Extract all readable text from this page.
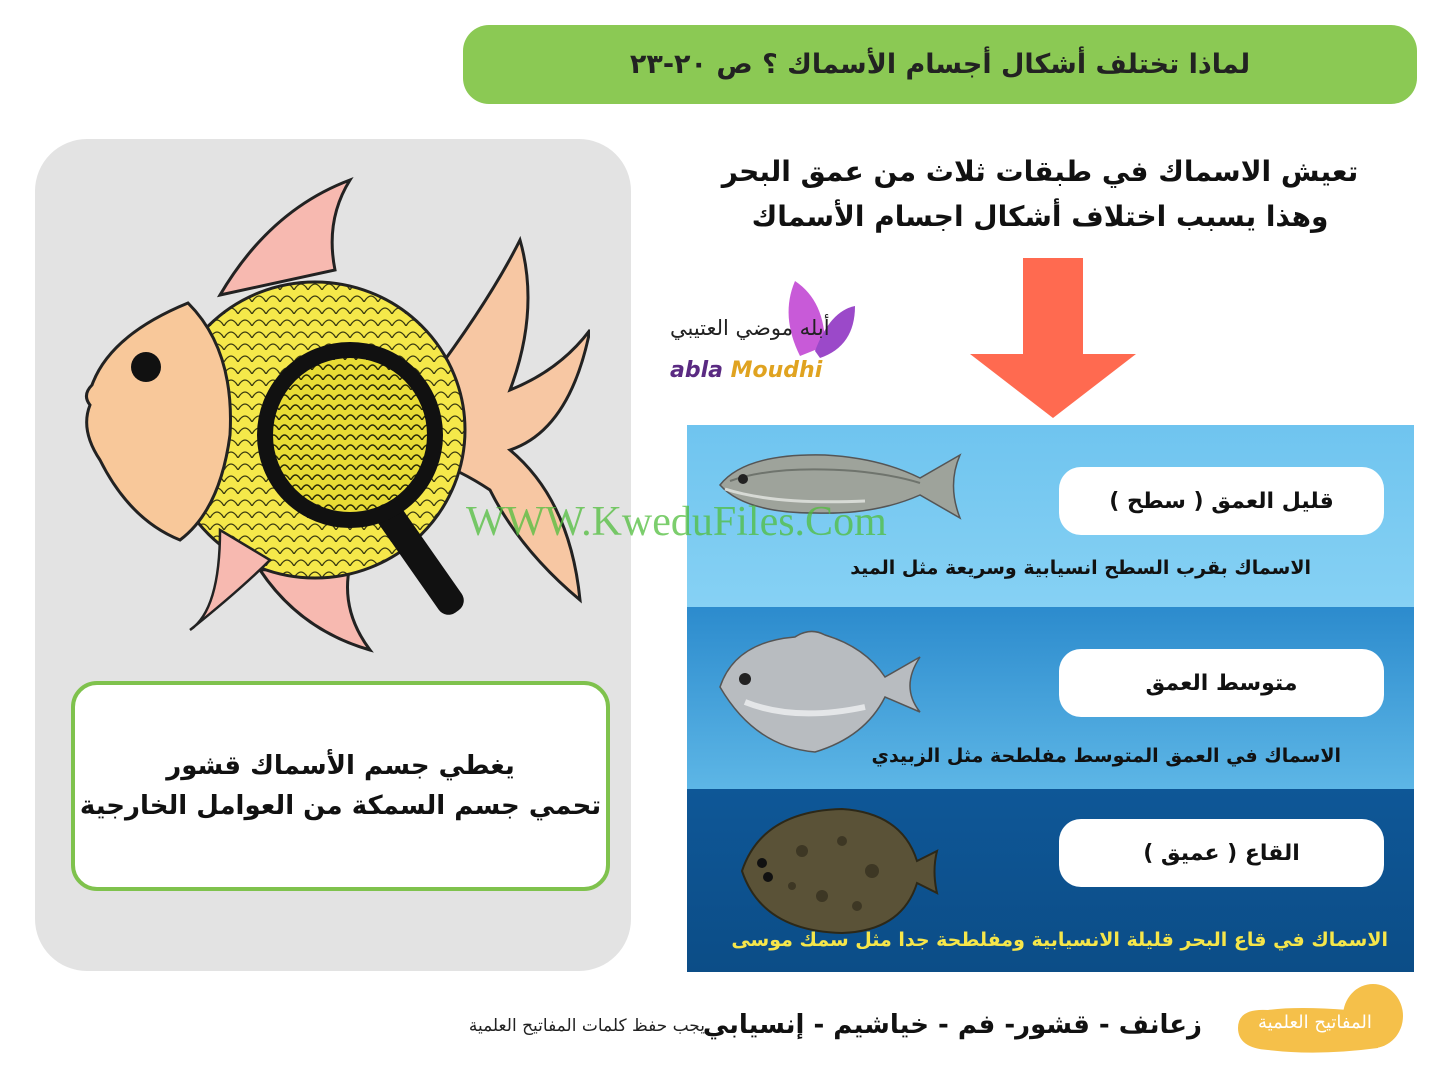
لماذا تختلف أشكال أجسام الأسماك ؟ ص ٢٠-٢٣
يغطي جسم الأسماك قشور
تحمي جسم السمكة من العوامل الخارجية
تعيش الاسماك في طبقات ثلاث من عمق البحر
وهذا يسبب اختلاف أشكال اجسام الأسماك
أبله موضي العتيبي
abla Moudhi
قليل العمق ( سطح )
الاسماك بقرب السطح انسيابية وسريعة مثل الميد
متوسط العمق
الاسماك في العمق المتوسط مفلطحة مثل الزبيدي
القاع ( عميق )
الاسماك في قاع البحر قليلة الانسيابية ومفلطحة جدا مثل سمك موسى
WWW.KweduFiles.Com
المفاتيح العلمية
زعانف - قشور- فم - خياشيم - إنسيابي
يجب حفظ كلمات المفاتيح العلمية
